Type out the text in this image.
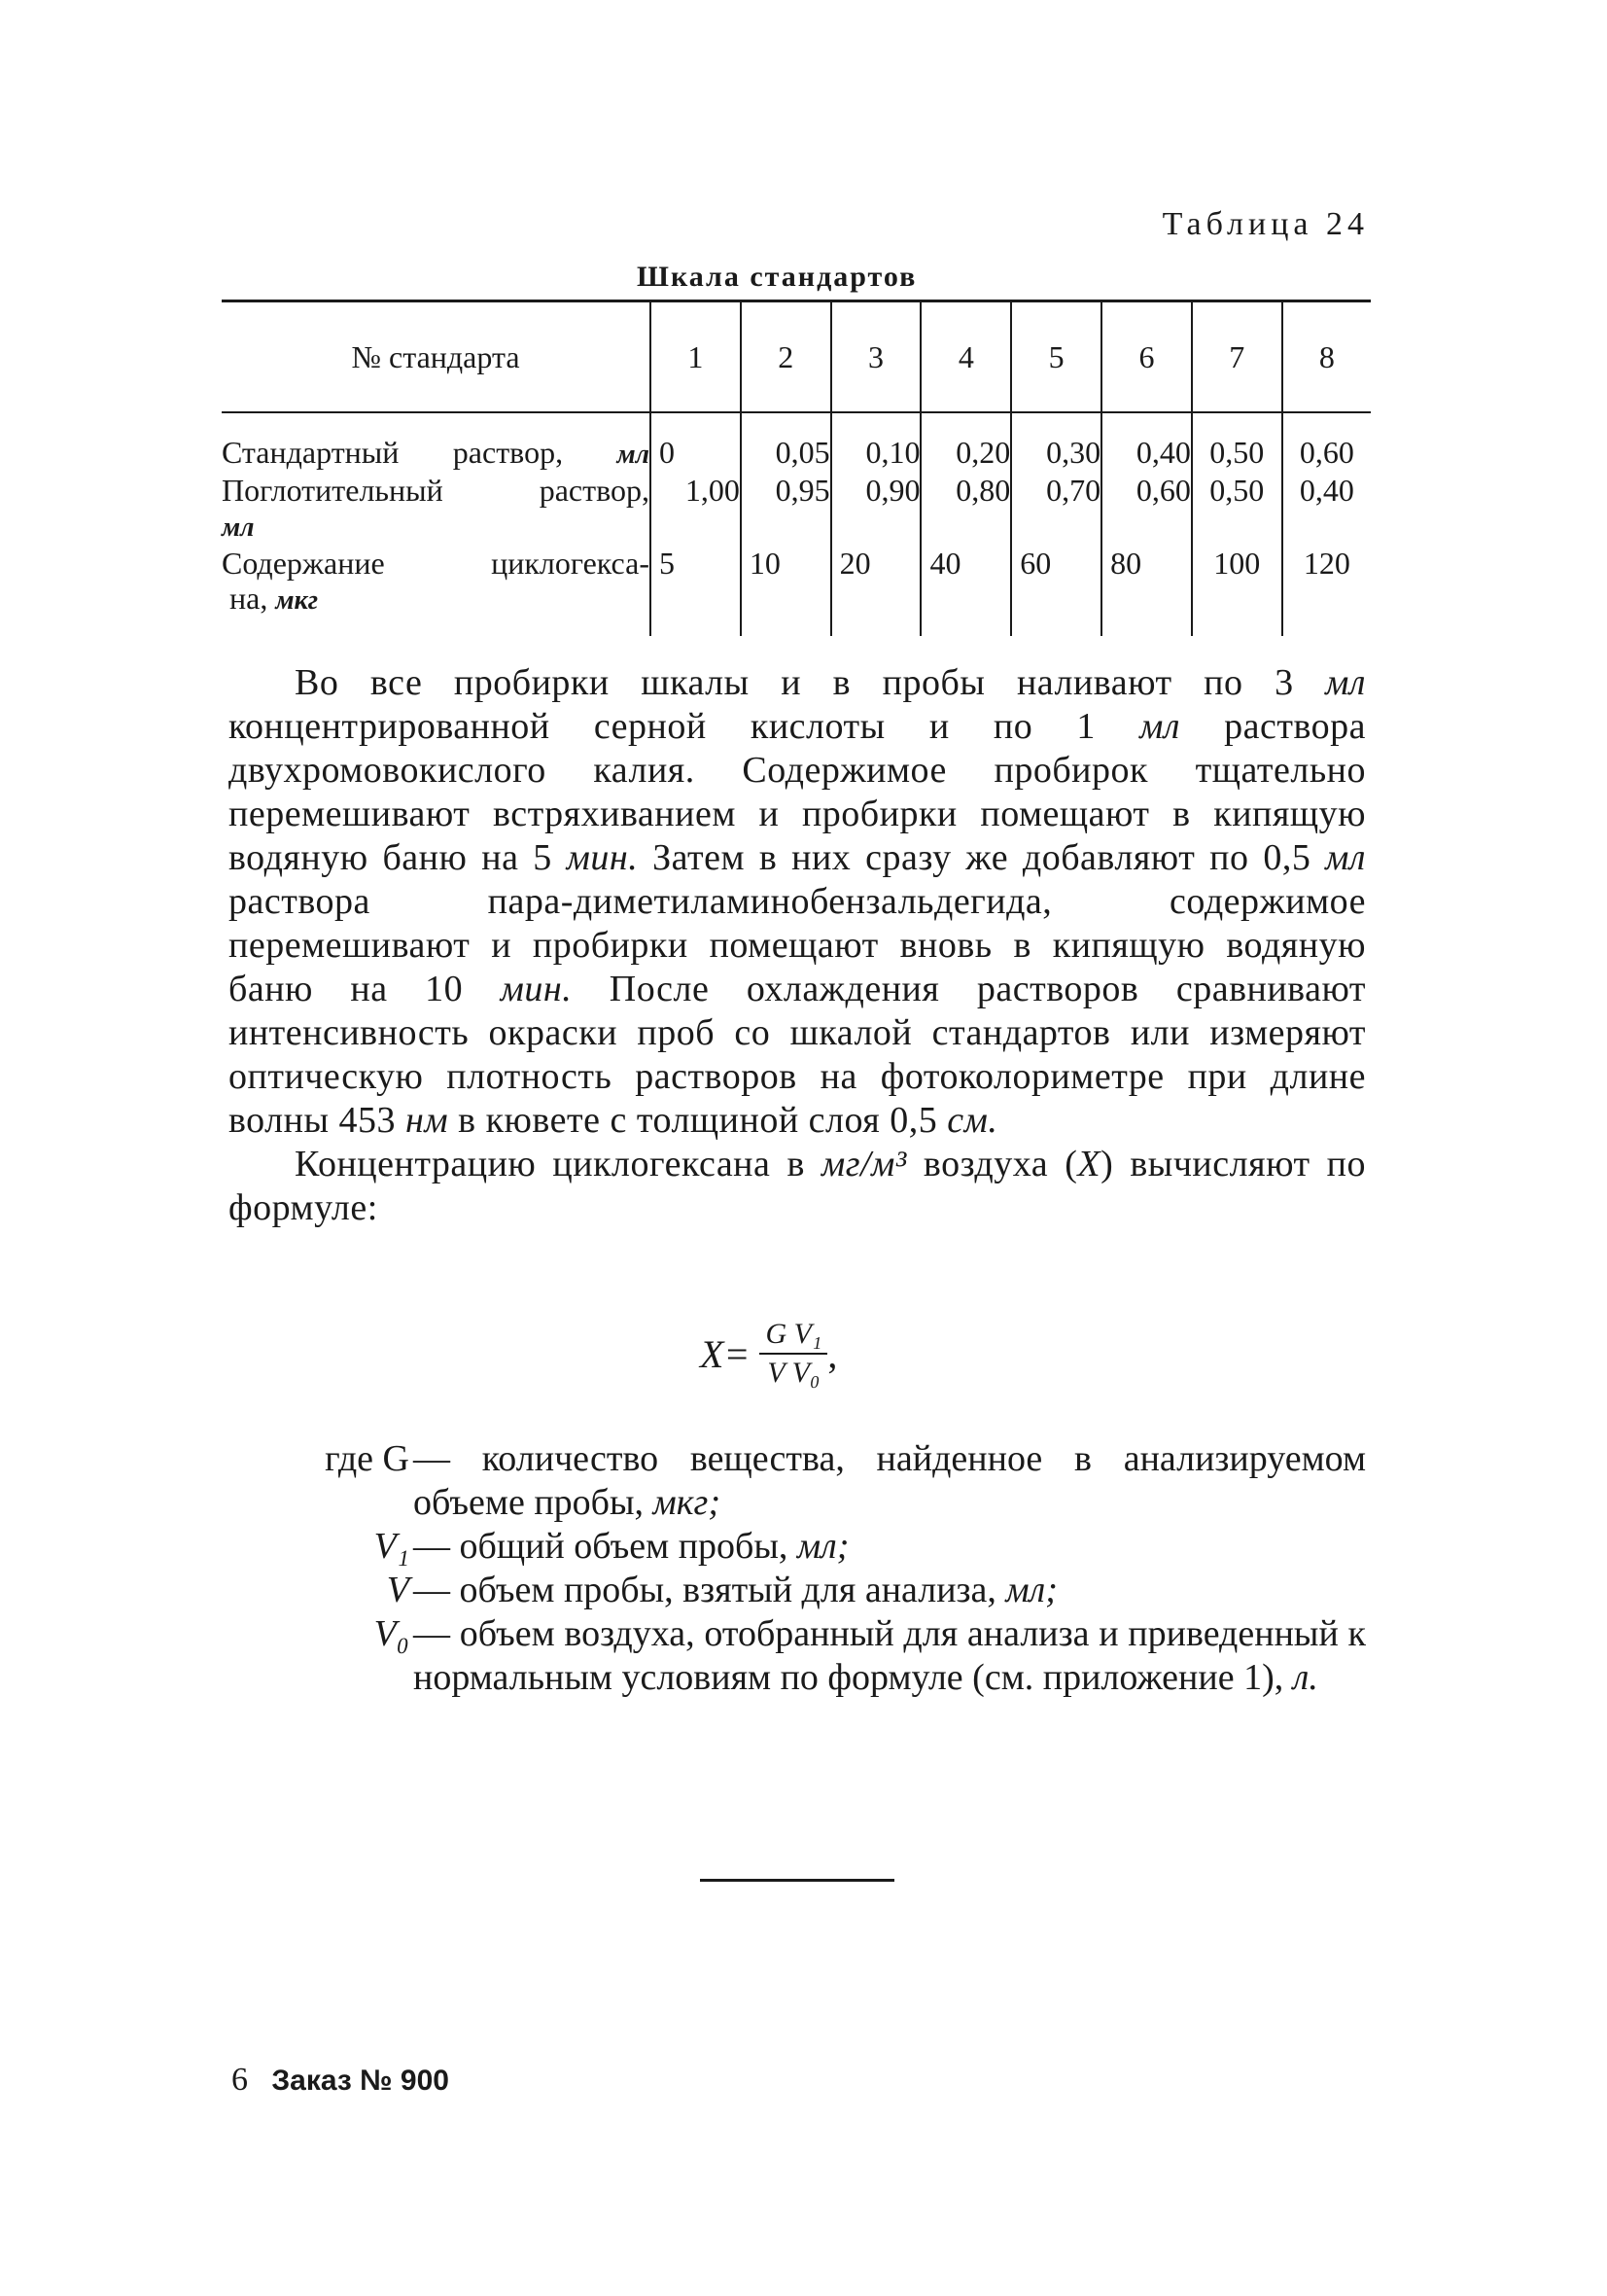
Таблица 24
Шкала стандартов
№ стандарта	1	2	3	4	5	6	7	8

Стандартный раствор, мл	0	0,05	0,10	0,20	0,30	0,40	0,50	0,60

Поглотительный раствор,
мл	1,00	0,95	0,90	0,80	0,70	0,60	0,50	0,40

Содержание циклогекса-
на, мкг	5	10	20	40	60	80	100	120

Во все пробирки шкалы и в пробы наливают по 3 мл концентрированной серной кислоты и по 1 мл раствора двухромовокислого калия. Содержимое пробирок тщательно перемешивают встряхиванием и пробирки помещают в кипящую водяную баню на 5 мин. Затем в них сразу же добавляют по 0,5 мл раствора пара-диметиламинобензальдегида, содержимое перемешивают и пробирки помещают вновь в кипящую водяную баню на 10 мин. После охлаждения растворов сравнивают интенсивность окраски проб со шкалой стандартов или измеряют оптическую плотность растворов на фотоколориметре при длине волны 453 нм в кювете с толщиной слоя 0,5 см.

Концентрацию циклогексана в мг/м³ воздуха (X) вычисляют по формуле:

$X= \frac{\text{G V₁}}{\text{V V₀}}$ ,
где G — количество вещества, найденное в анализируемом объеме пробы, мкг;
V₁ — общий объем пробы, мл;
V — объем пробы, взятый для анализа, мл;
V₀ — объем воздуха, отобранный для анализа и приведенный к нормальным условиям по формуле (см. приложение 1), л.
6 Заказ № 900
